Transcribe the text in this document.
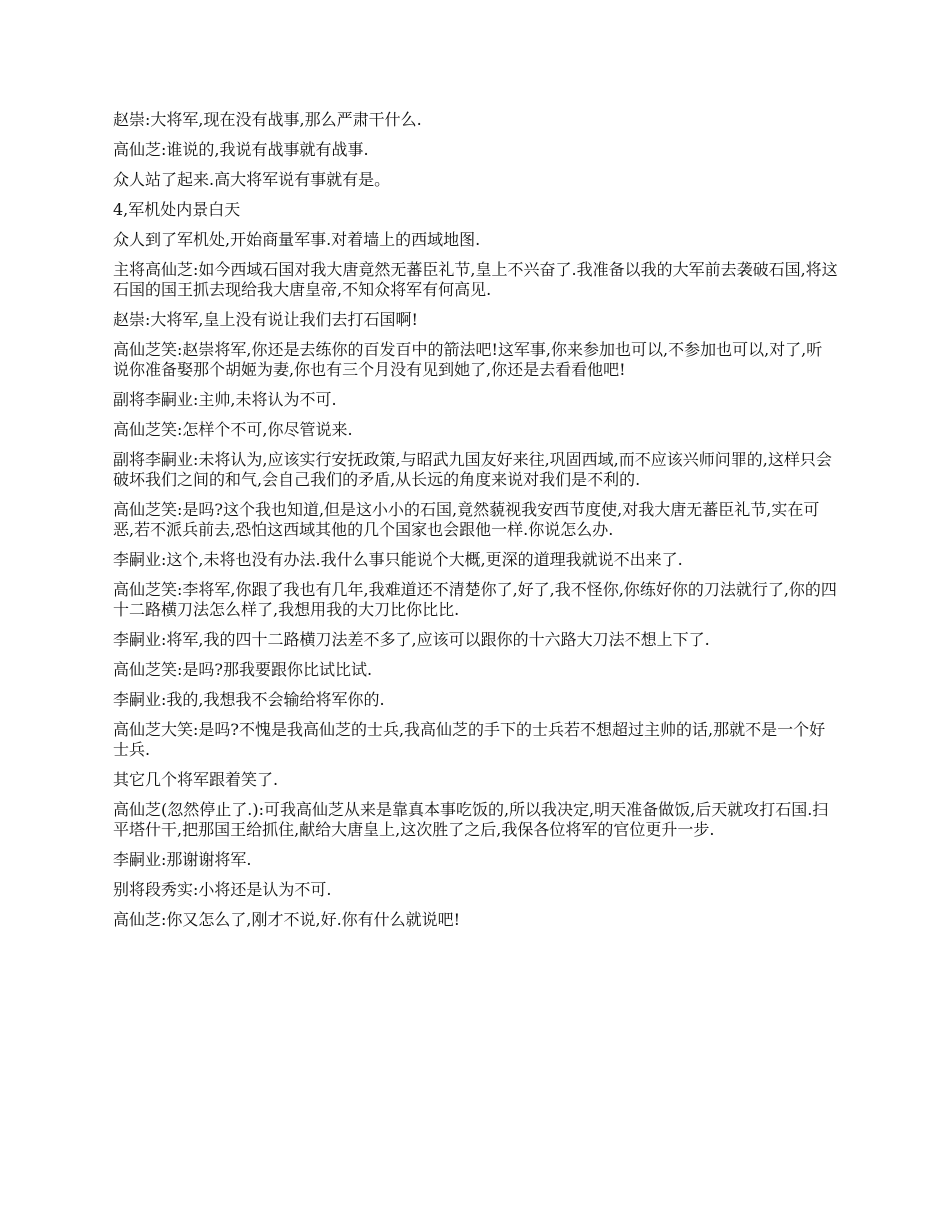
赵崇:大将军,现在没有战事,那么严肃干什么.

高仙芝:谁说的,我说有战事就有战事.

众人站了起来.高大将军说有事就有是。

4,军机处内景白天

众人到了军机处,开始商量军事.对着墙上的西域地图.

主将高仙芝:如今西域石国对我大唐竟然无蕃臣礼节,皇上不兴奋了.我准备以我的大军前去袭破石国,将这石国的国王抓去现给我大唐皇帝,不知众将军有何高见.

赵崇:大将军,皇上没有说让我们去打石国啊!

高仙芝笑:赵崇将军,你还是去练你的百发百中的箭法吧!这军事,你来参加也可以,不参加也可以,对了,听说你准备娶那个胡姬为妻,你也有三个月没有见到她了,你还是去看看他吧!

副将李嗣业:主帅,未将认为不可.

高仙芝笑:怎样个不可,你尽管说来.

副将李嗣业:未将认为,应该实行安抚政策,与昭武九国友好来往,巩固西域,而不应该兴师问罪的,这样只会破坏我们之间的和气,会自己我们的矛盾,从长远的角度来说对我们是不利的.

高仙芝笑:是吗?这个我也知道,但是这小小的石国,竟然藐视我安西节度使,对我大唐无蕃臣礼节,实在可恶,若不派兵前去,恐怕这西域其他的几个国家也会跟他一样.你说怎么办.

李嗣业:这个,未将也没有办法.我什么事只能说个大概,更深的道理我就说不出来了.

高仙芝笑:李将军,你跟了我也有几年,我难道还不清楚你了,好了,我不怪你,你练好你的刀法就行了,你的四十二路横刀法怎么样了,我想用我的大刀比你比比.

李嗣业:将军,我的四十二路横刀法差不多了,应该可以跟你的十六路大刀法不想上下了.

高仙芝笑:是吗?那我要跟你比试比试.

李嗣业:我的,我想我不会输给将军你的.

高仙芝大笑:是吗?不愧是我高仙芝的士兵,我高仙芝的手下的士兵若不想超过主帅的话,那就不是一个好士兵.

其它几个将军跟着笑了.

高仙芝(忽然停止了.):可我高仙芝从来是靠真本事吃饭的,所以我决定,明天准备做饭,后天就攻打石国.扫平塔什干,把那国王给抓住,献给大唐皇上,这次胜了之后,我保各位将军的官位更升一步.

李嗣业:那谢谢将军.

别将段秀实:小将还是认为不可.

高仙芝:你又怎么了,刚才不说,好.你有什么就说吧!
